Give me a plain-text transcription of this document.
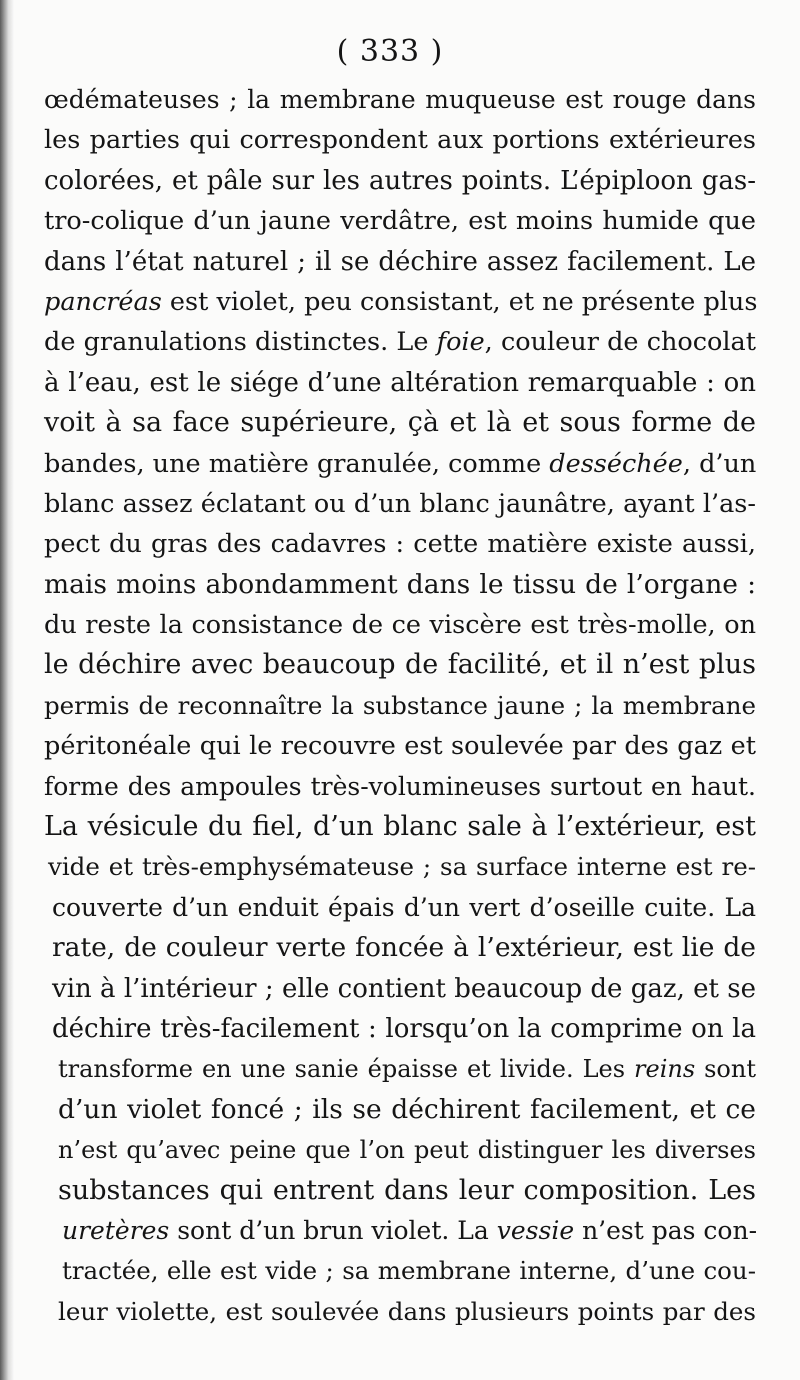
( 333 )
œdémateuses ; la membrane muqueuse est rouge dans
les parties qui correspondent aux portions extérieures
colorées, et pâle sur les autres points. L’épiploon gas-
tro-colique d’un jaune verdâtre, est moins humide que
dans l’état naturel ; il se déchire assez facilement. Le
pancréas est violet, peu consistant, et ne présente plus
de granulations distinctes. Le foie, couleur de chocolat
à l’eau, est le siége d’une altération remarquable : on
voit à sa face supérieure, çà et là et sous forme de
bandes, une matière granulée, comme desséchée, d’un
blanc assez éclatant ou d’un blanc jaunâtre, ayant l’as-
pect du gras des cadavres : cette matière existe aussi,
mais moins abondamment dans le tissu de l’organe :
du reste la consistance de ce viscère est très-molle, on
le déchire avec beaucoup de facilité, et il n’est plus
permis de reconnaître la substance jaune ; la membrane
péritonéale qui le recouvre est soulevée par des gaz et
forme des ampoules très-volumineuses surtout en haut.
La vésicule du fiel, d’un blanc sale à l’extérieur, est
vide et très-emphysémateuse ; sa surface interne est re-
couverte d’un enduit épais d’un vert d’oseille cuite. La
rate, de couleur verte foncée à l’extérieur, est lie de
vin à l’intérieur ; elle contient beaucoup de gaz, et se
déchire très-facilement : lorsqu’on la comprime on la
transforme en une sanie épaisse et livide. Les reins sont
d’un violet foncé ; ils se déchirent facilement, et ce
n’est qu’avec peine que l’on peut distinguer les diverses
substances qui entrent dans leur composition. Les
uretères sont d’un brun violet. La vessie n’est pas con-
tractée, elle est vide ; sa membrane interne, d’une cou-
leur violette, est soulevée dans plusieurs points par des
